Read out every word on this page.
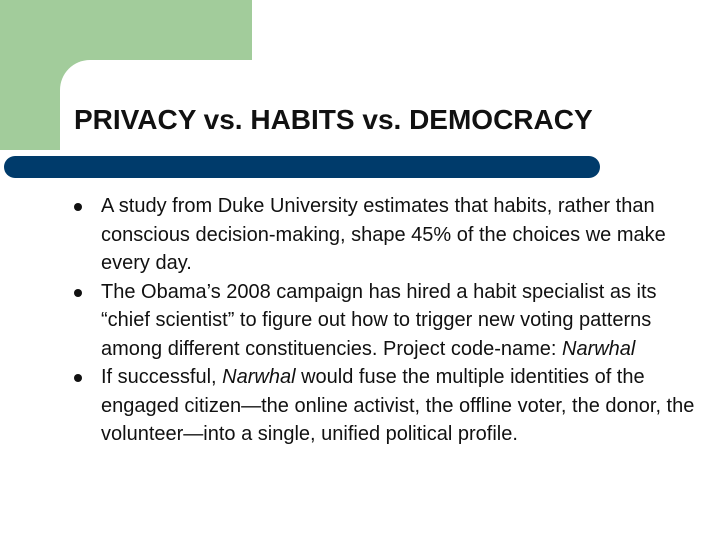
PRIVACY vs. HABITS vs. DEMOCRACY
A study from Duke University estimates that habits, rather than conscious decision-making, shape 45% of the choices we make every day.
The Obama’s 2008 campaign has hired a habit specialist as its “chief scientist” to figure out how to trigger new voting patterns among different constituencies. Project code-name: Narwhal
If successful, Narwhal would fuse the multiple identities of the engaged citizen—the online activist, the offline voter, the donor, the volunteer—into a single, unified political profile.
